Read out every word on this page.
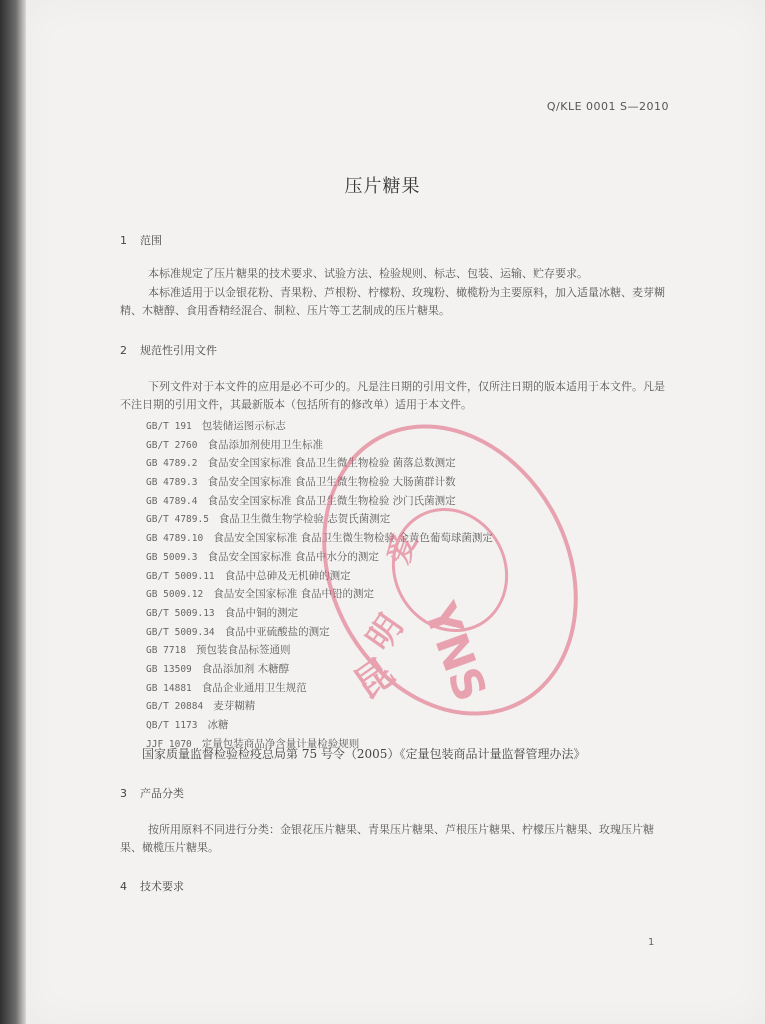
Q/KLE 0001 S—2010
压片糖果
1 范围

本标准规定了压片糖果的技术要求、试验方法、检验规则、标志、包装、运输、贮存要求。

本标准适用于以金银花粉、青果粉、芦根粉、柠檬粉、玫瑰粉、橄榄粉为主要原料，加入适量冰糖、麦芽糊精、木糖醇、食用香精经混合、制粒、压片等工艺制成的压片糖果。

2 规范性引用文件

下列文件对于本文件的应用是必不可少的。凡是注日期的引用文件，仅所注日期的版本适用于本文件。凡是不注日期的引用文件，其最新版本（包括所有的修改单）适用于本文件。

GB/T 191 包装储运图示标志
GB/T 2760 食品添加剂使用卫生标准
GB 4789.2 食品安全国家标准 食品卫生微生物检验 菌落总数测定
GB 4789.3 食品安全国家标准 食品卫生微生物检验 大肠菌群计数
GB 4789.4 食品安全国家标准 食品卫生微生物检验 沙门氏菌测定
GB/T 4789.5 食品卫生微生物学检验 志贺氏菌测定
GB 4789.10 食品安全国家标准 食品卫生微生物检验 金黄色葡萄球菌测定
GB 5009.3 食品安全国家标准 食品中水分的测定
GB/T 5009.11 食品中总砷及无机砷的测定
GB 5009.12 食品安全国家标准 食品中铅的测定
GB/T 5009.13 食品中铜的测定
GB/T 5009.34 食品中亚硫酸盐的测定
GB 7718 预包装食品标签通则
GB 13509 食品添加剂 木糖醇
GB 14881 食品企业通用卫生规范
GB/T 20884 麦芽糊精
QB/T 1173 冰糖
JJF 1070 定量包装商品净含量计量检验规则
国家质量监督检验检疫总局第 75 号令（2005）《定量包装商品计量监督管理办法》
3 产品分类

按所用原料不同进行分类：金银花压片糖果、青果压片糖果、芦根压片糖果、柠檬压片糖果、玫瑰压片糖果、橄榄压片糖果。

4 技术要求
1
YNS
昆
明
爱
